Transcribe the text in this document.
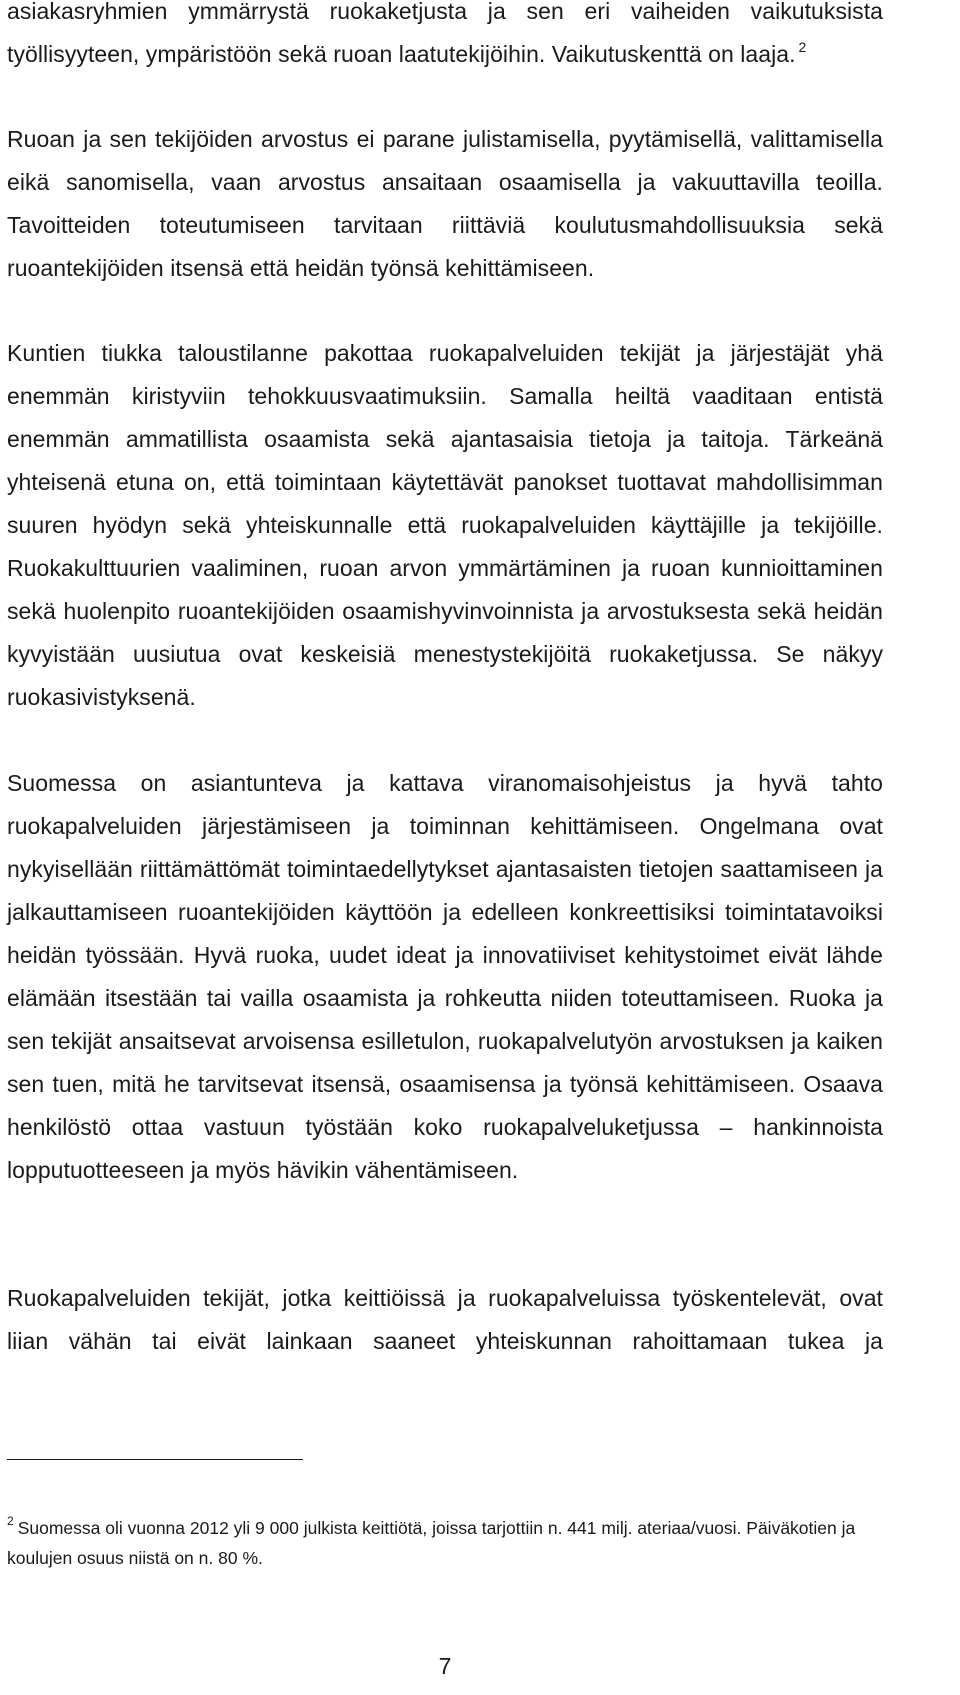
asiakasryhmien ymmärrystä ruokaketjusta ja sen eri vaiheiden vaikutuksista työllisyyteen, ympäristöön sekä ruoan laatutekijöihin. Vaikutuskenttä on laaja. $^2$

Ruoan ja sen tekijöiden arvostus ei parane julistamisella, pyytämisellä, valittamisella eikä sanomisella, vaan arvostus ansaitaan osaamisella ja vakuuttavilla teoilla. Tavoitteiden toteutumiseen tarvitaan riittäviä koulutusmahdollisuuksia sekä ruoantekijöiden itsensä että heidän työnsä kehittämiseen.

Kuntien tiukka taloustilanne pakottaa ruokapalveluiden tekijät ja järjestäjät yhä enemmän kiristyviin tehokkuusvaatimuksiin. Samalla heiltä vaaditaan entistä enemmän ammatillista osaamista sekä ajantasaisia tietoja ja taitoja. Tärkeänä yhteisenä etuna on, että toimintaan käytettävät panokset tuottavat mahdollisimman suuren hyödyn sekä yhteiskunnalle että ruokapalveluiden käyttäjille ja tekijöille. Ruokakulttuurien vaaliminen, ruoan arvon ymmärtäminen ja ruoan kunnioittaminen sekä huolenpito ruoantekijöiden osaamishyvinvoinnista ja arvostuksesta sekä heidän kyvyistään uusiutua ovat keskeisiä menestystekijöitä ruokaketjussa. Se näkyy ruokasivistyksenä.

Suomessa on asiantunteva ja kattava viranomaisohjeistus ja hyvä tahto ruokapalveluiden järjestämiseen ja toiminnan kehittämiseen. Ongelmana ovat nykyisellään riittämättömät toimintaedellytykset ajantasaisten tietojen saattamiseen ja jalkauttamiseen ruoantekijöiden käyttöön ja edelleen konkreettisiksi toimintatavoiksi heidän työssään. Hyvä ruoka, uudet ideat ja innovatiiviset kehitystoimet eivät lähde elämään itsestään tai vailla osaamista ja rohkeutta niiden toteuttamiseen. Ruoka ja sen tekijät ansaitsevat arvoisensa esilletulon, ruokapalvelutyön arvostuksen ja kaiken sen tuen, mitä he tarvitsevat itsensä, osaamisensa ja työnsä kehittämiseen. Osaava henkilöstö ottaa vastuun työstään koko ruokapalveluketjussa – hankinnoista lopputuotteeseen ja myös hävikin vähentämiseen.

Ruokapalveluiden tekijät, jotka keittiöissä ja ruokapalveluissa työskentelevät, ovat liian vähän tai eivät lainkaan saaneet yhteiskunnan rahoittamaan tukea ja

$^2$ Suomessa oli vuonna 2012 yli 9 000 julkista keittiötä, joissa tarjottiin n. 441 milj. ateriaa/vuosi. Päiväkotien ja koulujen osuus niistä on n. 80 %.

7
